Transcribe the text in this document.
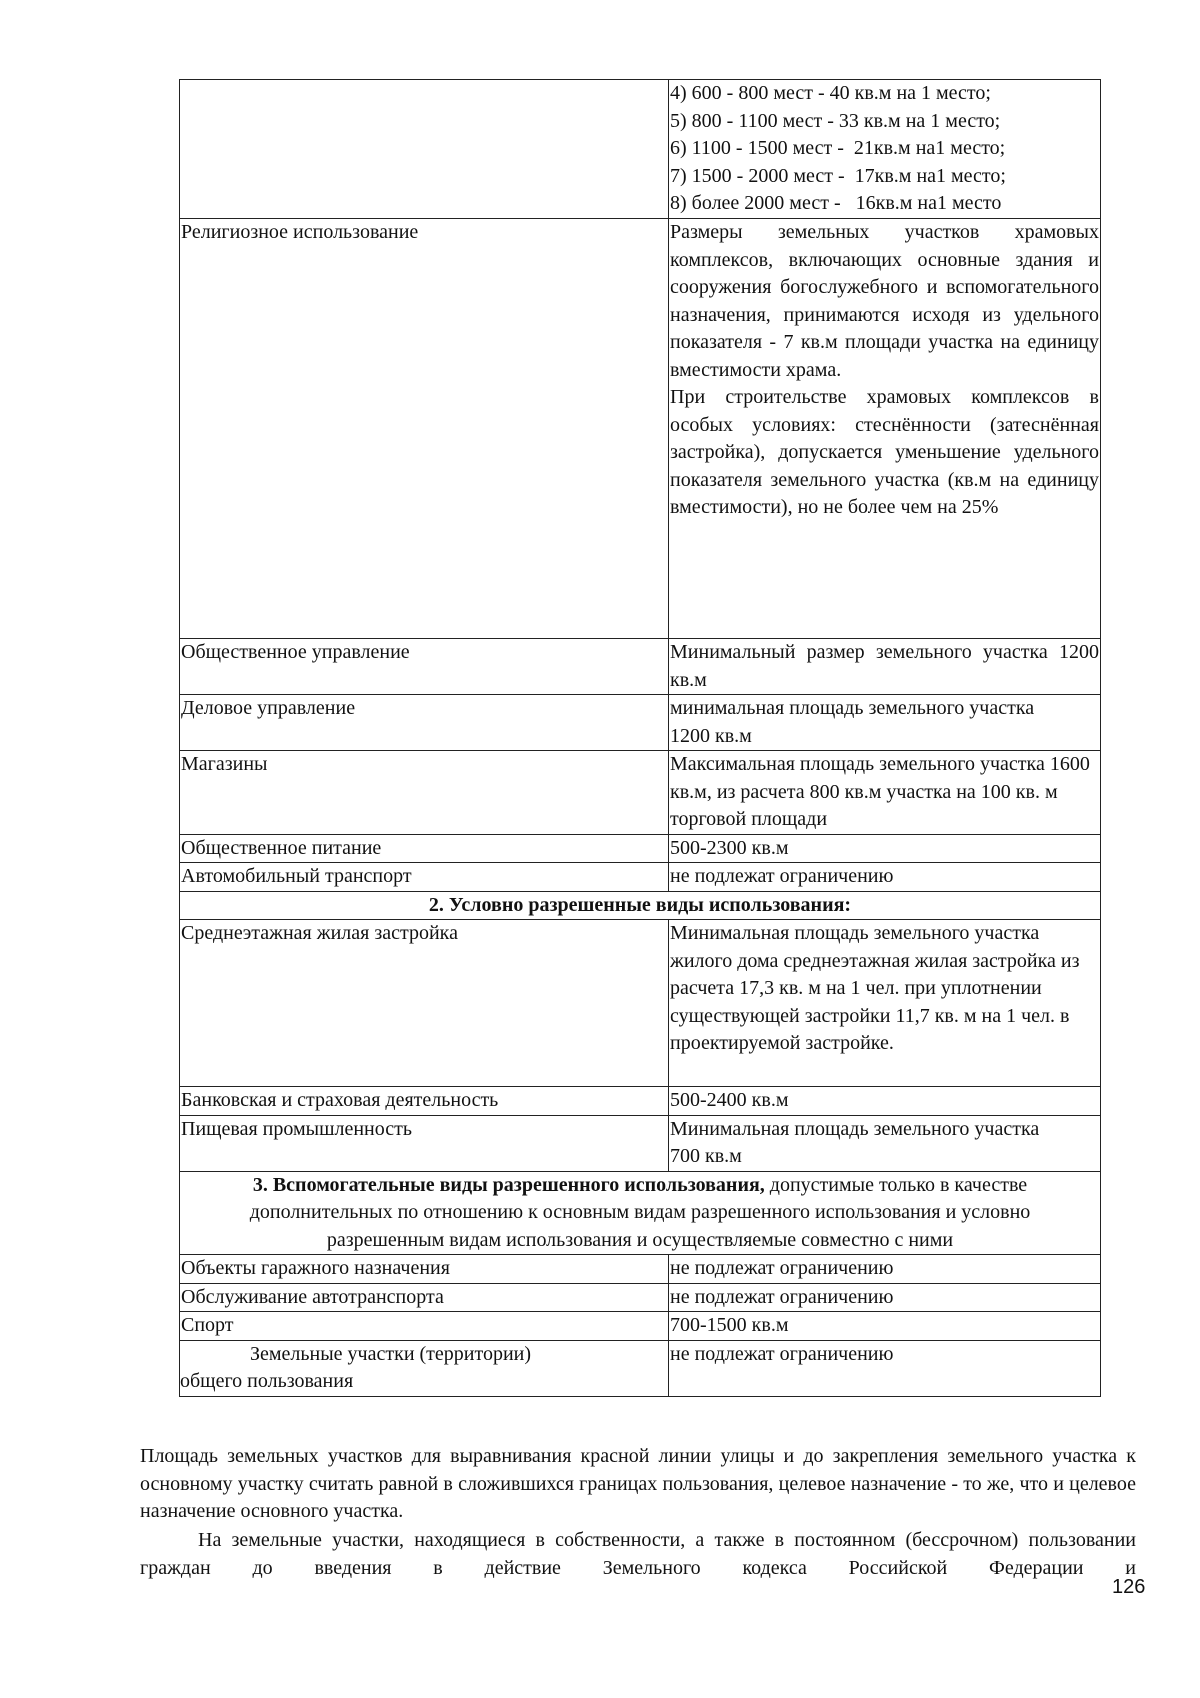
	4) 600 - 800 мест - 40 кв.м на 1 место;
5) 800 - 1100 мест - 33 кв.м на 1 место;
6) 1100 - 1500 мест -  21кв.м на1 место;
7) 1500 - 2000 мест -  17кв.м на1 место;
8) более 2000 мест -   16кв.м на1 место

Религиозное использование	Размеры земельных участков храмовых комплексов, включающих основные здания и сооружения богослужебного и вспомогательного назначения, принимаются исходя из удельного показателя - 7 кв.м площади участка на единицу вместимости храма.
При строительстве храмовых комплексов в особых условиях: стеснённости (затеснённая застройка), допускается уменьшение удельного показателя земельного участка (кв.м на единицу вместимости), но не более чем на 25%

Общественное управление	Минимальный размер земельного участка 1200 кв.м
Деловое управление	минимальная площадь земельного участка 1200 кв.м
Магазины	Максимальная площадь земельного участка 1600 кв.м, из расчета 800 кв.м участка на 100 кв. м торговой площади
Общественное питание	500-2300 кв.м
Автомобильный транспорт	не подлежат ограничению
2. Условно разрешенные виды использования:	
Среднеэтажная жилая застройка	Минимальная площадь земельного участка жилого дома среднеэтажная жилая застройка из расчета 17,3 кв. м на 1 чел. при уплотнении существующей застройки 11,7 кв. м на 1 чел. в проектируемой застройке.
Банковская и страховая деятельность	500-2400 кв.м
Пищевая промышленность	Минимальная площадь земельного участка 700 кв.м
3. Вспомогательные виды разрешенного использования, допустимые только в качестве дополнительных по отношению к основным видам разрешенного использования и условно разрешенным видам использования и осуществляемые совместно с ними	
Объекты гаражного назначения	не подлежат ограничению
Обслуживание автотранспорта	не подлежат ограничению
Спорт	700-1500 кв.м
Земельные участки (территории) общего пользования	не подлежат ограничению
Площадь земельных участков для выравнивания красной линии улицы и до закрепления земельного участка к основному участку считать равной в сложившихся границах пользования, целевое назначение - то же, что и целевое назначение основного участка.
На земельные участки, находящиеся в собственности, а также в постоянном (бессрочном) пользовании граждан до введения в действие Земельного кодекса Российской Федерации и
126
